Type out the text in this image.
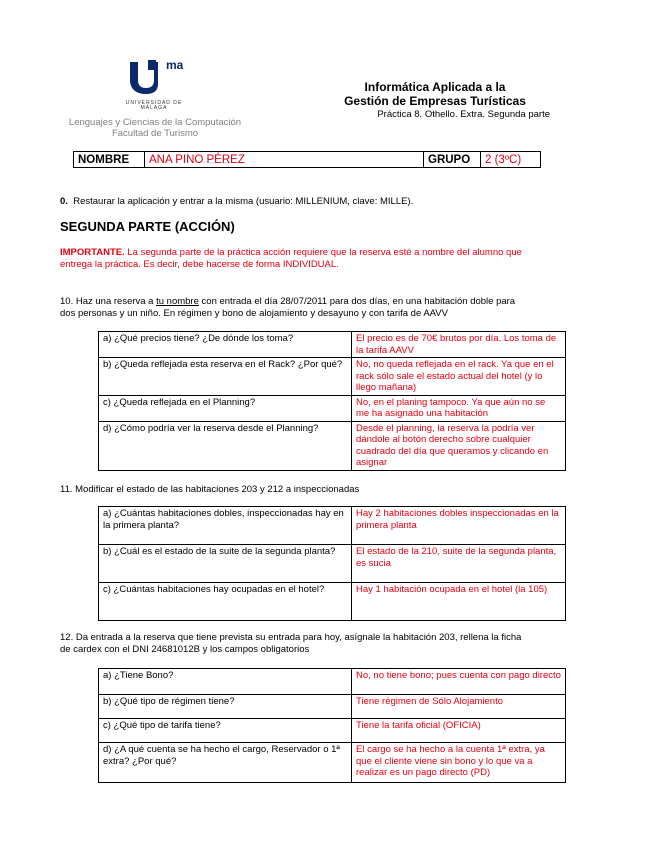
ma
UNIVERSIDAD DE MÁLAGA
Lenguajes y Ciencias de la Computación
Facultad de Turismo
Informática Aplicada a la
Gestión de Empresas Turísticas
Práctica 8. Othello. Extra. Segunda parte
NOMBRE	ANA PINO PÉREZ	GRUPO	2 (3ºC)
0. Restaurar la aplicación y entrar a la misma (usuario: MILLENIUM, clave: MILLE).
SEGUNDA PARTE (ACCIÓN)
IMPORTANTE. La segunda parte de la práctica acción requiere que la reserva esté a nombre del alumno que
entrega la práctica. Es decir, debe hacerse de forma INDIVIDUAL.
10. Haz una reserva a tu nombre con entrada el día 28/07/2011 para dos días, en una habitación doble para
dos personas y un niño. En régimen y bono de alojamiento y desayuno y con tarifa de AAVV
a) ¿Qué precios tiene? ¿De dónde los toma?	El precio es de 70€ brutos por día. Los toma de la tarifa AAVV
b) ¿Queda reflejada esta reserva en el Rack? ¿Por qué?	No, no queda reflejada en el rack. Ya que en el rack sólo sale el estado actual del hotel (y lo llego mañana)
c) ¿Queda reflejada en el Planning?	No, en el planing tampoco. Ya que aún no se me ha asignado una habitación
d) ¿Cómo podría ver la reserva desde el Planning?	Desde el planning, la reserva la podría ver dándole al botón derecho sobre cualquier cuadrado del día que queramos y clicando en asignar
11. Modificar el estado de las habitaciones 203 y 212 a inspeccionadas
a) ¿Cuántas habitaciones dobles, inspeccionadas hay en la primera planta?	Hay 2 habitaciones dobles inspeccionadas en la primera planta
b) ¿Cuál es el estado de la suite de la segunda planta?	El estado de la 210, suite de la segunda planta, es sucia
c) ¿Cuántas habitaciones hay ocupadas en el hotel?	Hay 1 habitación ocupada en el hotel (la 105)
12. Da entrada a la reserva que tiene prevista su entrada para hoy, asígnale la habitación 203, rellena la ficha
de cardex con el DNI 24681012B y los campos obligatorios
a) ¿Tiene Bono?	No, no tiene bono; pues cuenta con pago directo
b) ¿Qué tipo de régimen tiene?	Tiene régimen de Sólo Alojamiento
c) ¿Qué tipo de tarifa tiene?	Tiene la tarifa oficial (OFICIA)
d) ¿A qué cuenta se ha hecho el cargo, Reservador o 1ª extra? ¿Por qué?	El cargo se ha hecho a la cuenta 1ª extra, ya que el cliente viene sin bono y lo que va a realizar es un pago directo (PD)
